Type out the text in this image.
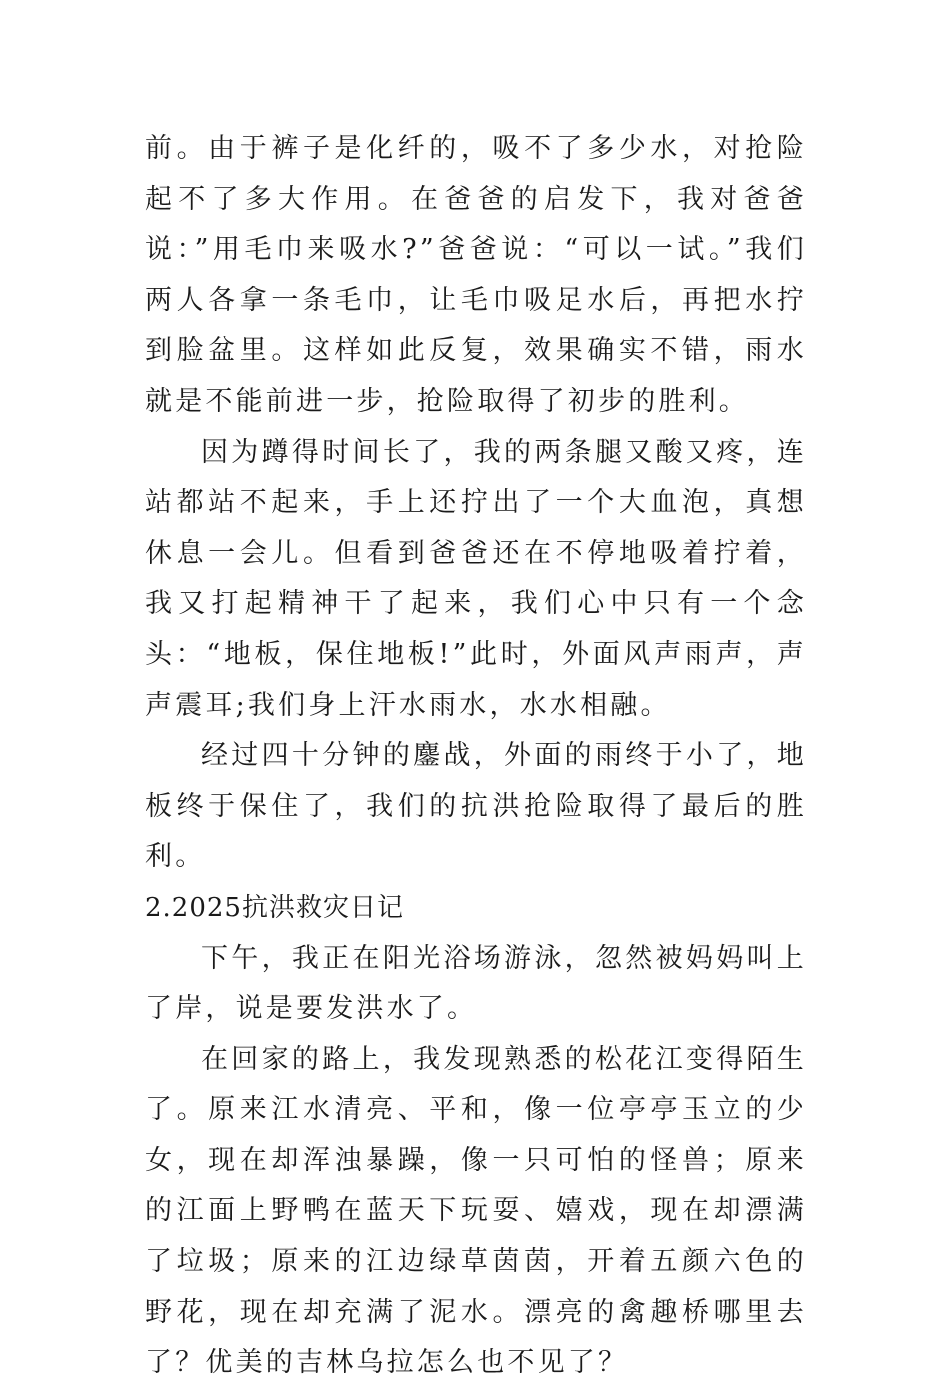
前。由于裤子是化纤的，吸不了多少水，对抢险起不了多大作用。在爸爸的启发下，我对爸爸说：”用毛巾来吸水?”爸爸说：“可以一试。”我们两人各拿一条毛巾，让毛巾吸足水后，再把水拧到脸盆里。这样如此反复，效果确实不错，雨水就是不能前进一步，抢险取得了初步的胜利。

因为蹲得时间长了，我的两条腿又酸又疼，连站都站不起来，手上还拧出了一个大血泡，真想休息一会儿。但看到爸爸还在不停地吸着拧着，我又打起精神干了起来，我们心中只有一个念头：“地板，保住地板!”此时，外面风声雨声，声声震耳;我们身上汗水雨水，水水相融。

经过四十分钟的鏖战，外面的雨终于小了，地板终于保住了，我们的抗洪抢险取得了最后的胜利。

2.2025抗洪救灾日记

下午，我正在阳光浴场游泳，忽然被妈妈叫上了岸，说是要发洪水了。

在回家的路上，我发现熟悉的松花江变得陌生了。原来江水清亮、平和，像一位亭亭玉立的少女，现在却浑浊暴躁，像一只可怕的怪兽；原来的江面上野鸭在蓝天下玩耍、嬉戏，现在却漂满了垃圾；原来的江边绿草茵茵，开着五颜六色的野花，现在却充满了泥水。漂亮的禽趣桥哪里去了？优美的吉林乌拉怎么也不见了？
